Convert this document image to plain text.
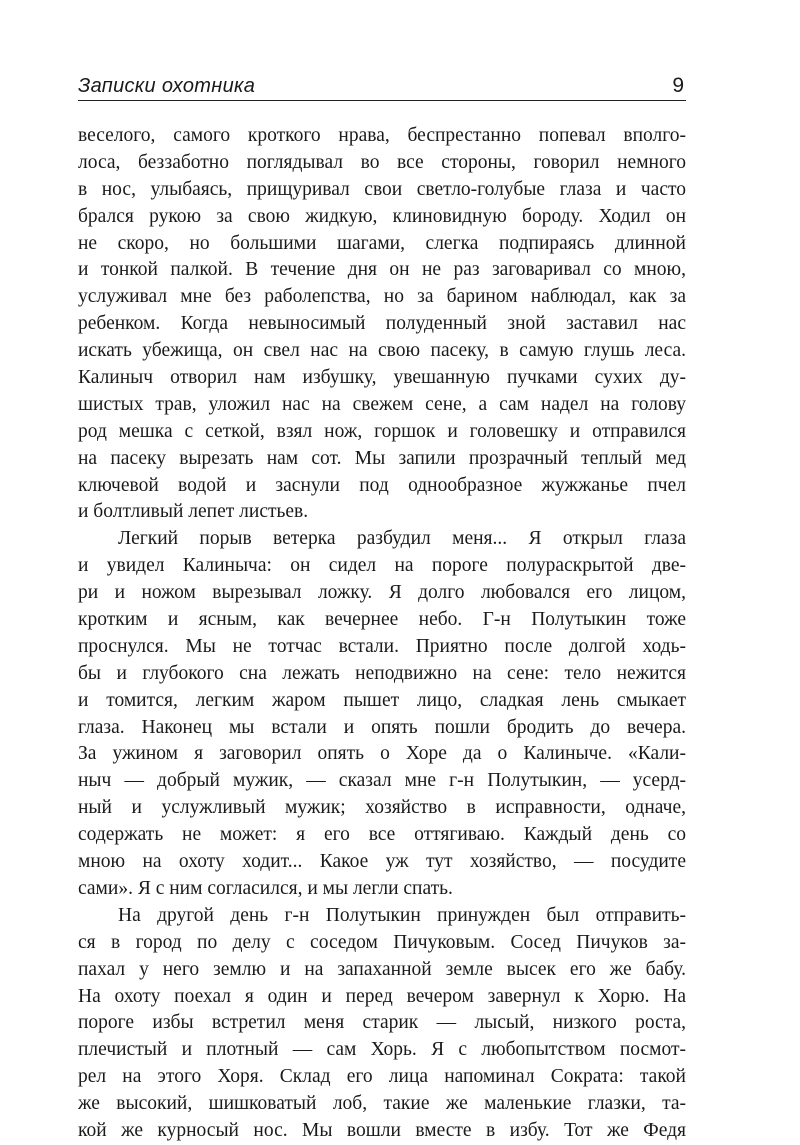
Записки охотника	9
веселого, самого кроткого нрава, беспрестанно попевал вполго-
лоса, беззаботно поглядывал во все стороны, говорил немного
в нос, улыбаясь, прищуривал свои светло-голубые глаза и часто
брался рукою за свою жидкую, клиновидную бороду. Ходил он
не скоро, но большими шагами, слегка подпираясь длинной
и тонкой палкой. В течение дня он не раз заговаривал со мною,
услуживал мне без раболепства, но за барином наблюдал, как за
ребенком. Когда невыносимый полуденный зной заставил нас
искать убежища, он свел нас на свою пасеку, в самую глушь леса.
Калиныч отворил нам избушку, увешанную пучками сухих ду-
шистых трав, уложил нас на свежем сене, а сам надел на голову
род мешка с сеткой, взял нож, горшок и головешку и отправился
на пасеку вырезать нам сот. Мы запили прозрачный теплый мед
ключевой водой и заснули под однообразное жужжанье пчел
и болтливый лепет листьев.
Легкий порыв ветерка разбудил меня... Я открыл глаза
и увидел Калиныча: он сидел на пороге полураскрытой две-
ри и ножом вырезывал ложку. Я долго любовался его лицом,
кротким и ясным, как вечернее небо. Г-н Полутыкин тоже
проснулся. Мы не тотчас встали. Приятно после долгой ходь-
бы и глубокого сна лежать неподвижно на сене: тело нежится
и томится, легким жаром пышет лицо, сладкая лень смыкает
глаза. Наконец мы встали и опять пошли бродить до вечера.
За ужином я заговорил опять о Хоре да о Калиныче. «Кали-
ныч — добрый мужик, — сказал мне г-н Полутыкин, — усерд-
ный и услужливый мужик; хозяйство в исправности, одначе,
содержать не может: я его все оттягиваю. Каждый день со
мною на охоту ходит... Какое уж тут хозяйство, — посудите
сами». Я с ним согласился, и мы легли спать.
На другой день г-н Полутыкин принужден был отправить-
ся в город по делу с соседом Пичуковым. Сосед Пичуков за-
пахал у него землю и на запаханной земле высек его же бабу.
На охоту поехал я один и перед вечером завернул к Хорю. На
пороге избы встретил меня старик — лысый, низкого роста,
плечистый и плотный — сам Хорь. Я с любопытством посмот-
рел на этого Хоря. Склад его лица напоминал Сократа: такой
же высокий, шишковатый лоб, такие же маленькие глазки, та-
кой же курносый нос. Мы вошли вместе в избу. Тот же Федя
